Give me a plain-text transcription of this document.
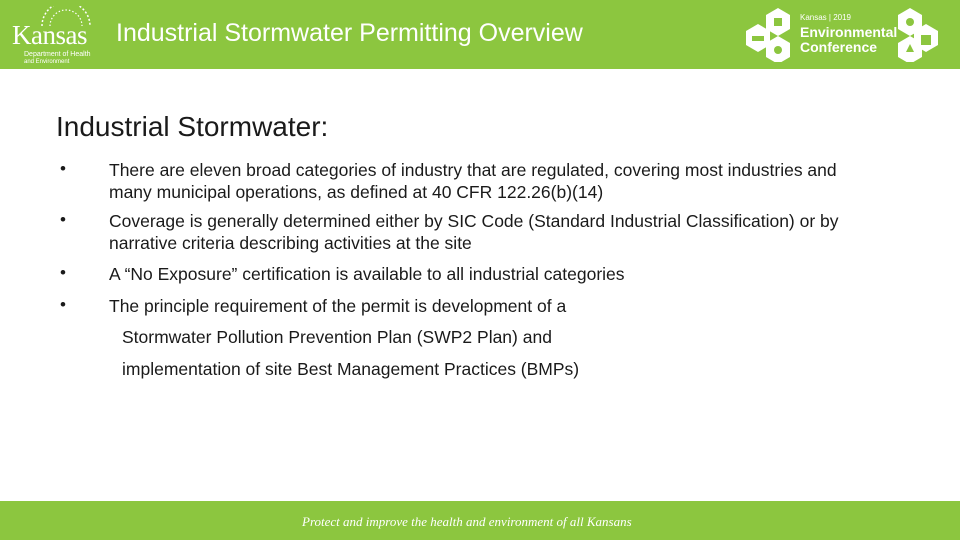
Kansas
Department of Health
and Environment
Industrial Stormwater Permitting Overview
Kansas | 2019
Environmental
Conference
Industrial Stormwater:
• There are eleven broad categories of industry that are regulated, covering most industries and many municipal operations, as defined at 40 CFR 122.26(b)(14)
• Coverage is generally determined either by SIC Code (Standard Industrial Classification) or by narrative criteria describing activities at the site
• A “No Exposure” certification is available to all industrial categories
• The principle requirement of the permit is development of a
Stormwater Pollution Prevention Plan (SWP2 Plan) and
implementation of site Best Management Practices (BMPs)
Protect and improve the health and environment of all Kansans
